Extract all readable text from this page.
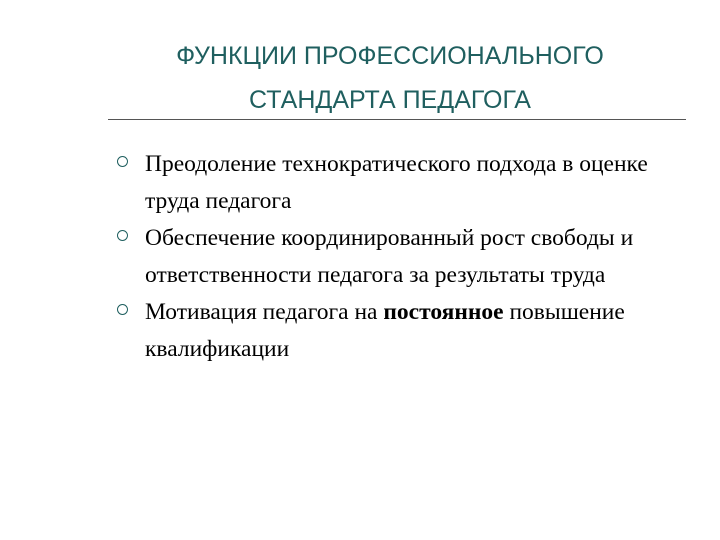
ФУНКЦИИ ПРОФЕССИОНАЛЬНОГО
СТАНДАРТА ПЕДАГОГА
Преодоление технократического подхода в оценке труда педагога
Обеспечение координированный рост свободы и ответственности педагога за результаты труда
Мотивация педагога на постоянное повышение квалификации
